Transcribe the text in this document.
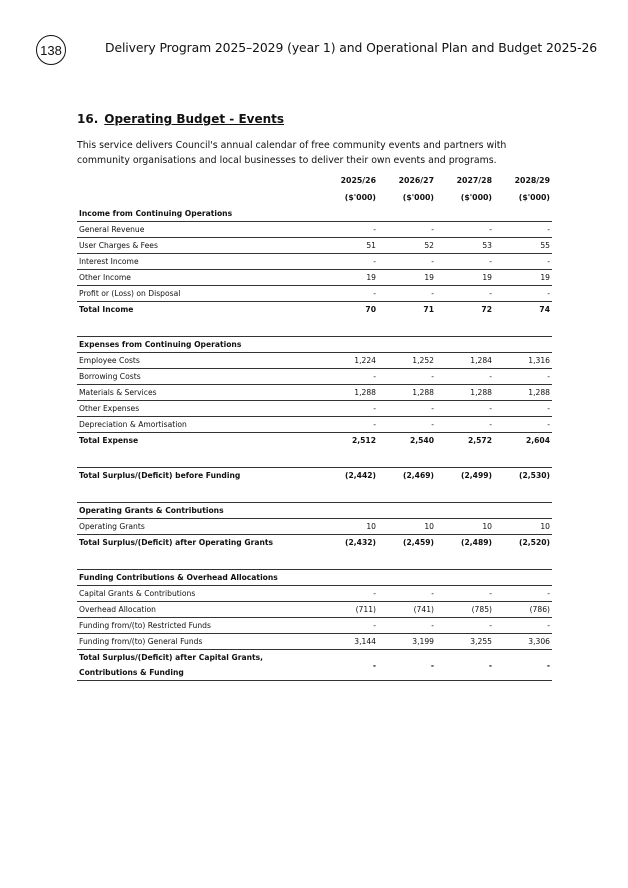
138	Delivery Program 2025–2029 (year 1) and Operational Plan and Budget 2025-26
16. Operating Budget - Events
This service delivers Council's annual calendar of free community events and partners with community organisations and local businesses to deliver their own events and programs.
	2025/26	2026/27	2027/28	2028/29
	($'000)	($'000)	($'000)	($'000)
Income from Continuing Operations				
General Revenue	-	-	-	-
User Charges & Fees	51	52	53	55
Interest Income	-	-	-	-
Other Income	19	19	19	19
Profit or (Loss) on Disposal	-	-	-	-
Total Income	70	71	72	74

Expenses from Continuing Operations				
Employee Costs	1,224	1,252	1,284	1,316
Borrowing Costs	-	-	-	-
Materials & Services	1,288	1,288	1,288	1,288
Other Expenses	-	-	-	-
Depreciation & Amortisation	-	-	-	-
Total Expense	2,512	2,540	2,572	2,604

Total Surplus/(Deficit) before Funding	(2,442)	(2,469)	(2,499)	(2,530)

Operating Grants & Contributions				
Operating Grants	10	10	10	10
Total Surplus/(Deficit) after Operating Grants	(2,432)	(2,459)	(2,489)	(2,520)

Funding Contributions & Overhead Allocations				
Capital Grants & Contributions	-	-	-	-
Overhead Allocation	(711)	(741)	(785)	(786)
Funding from/(to) Restricted Funds	-	-	-	-
Funding from/(to) General Funds	3,144	3,199	3,255	3,306
Total Surplus/(Deficit) after Capital Grants,
Contributions & Funding	-	-	-	-
